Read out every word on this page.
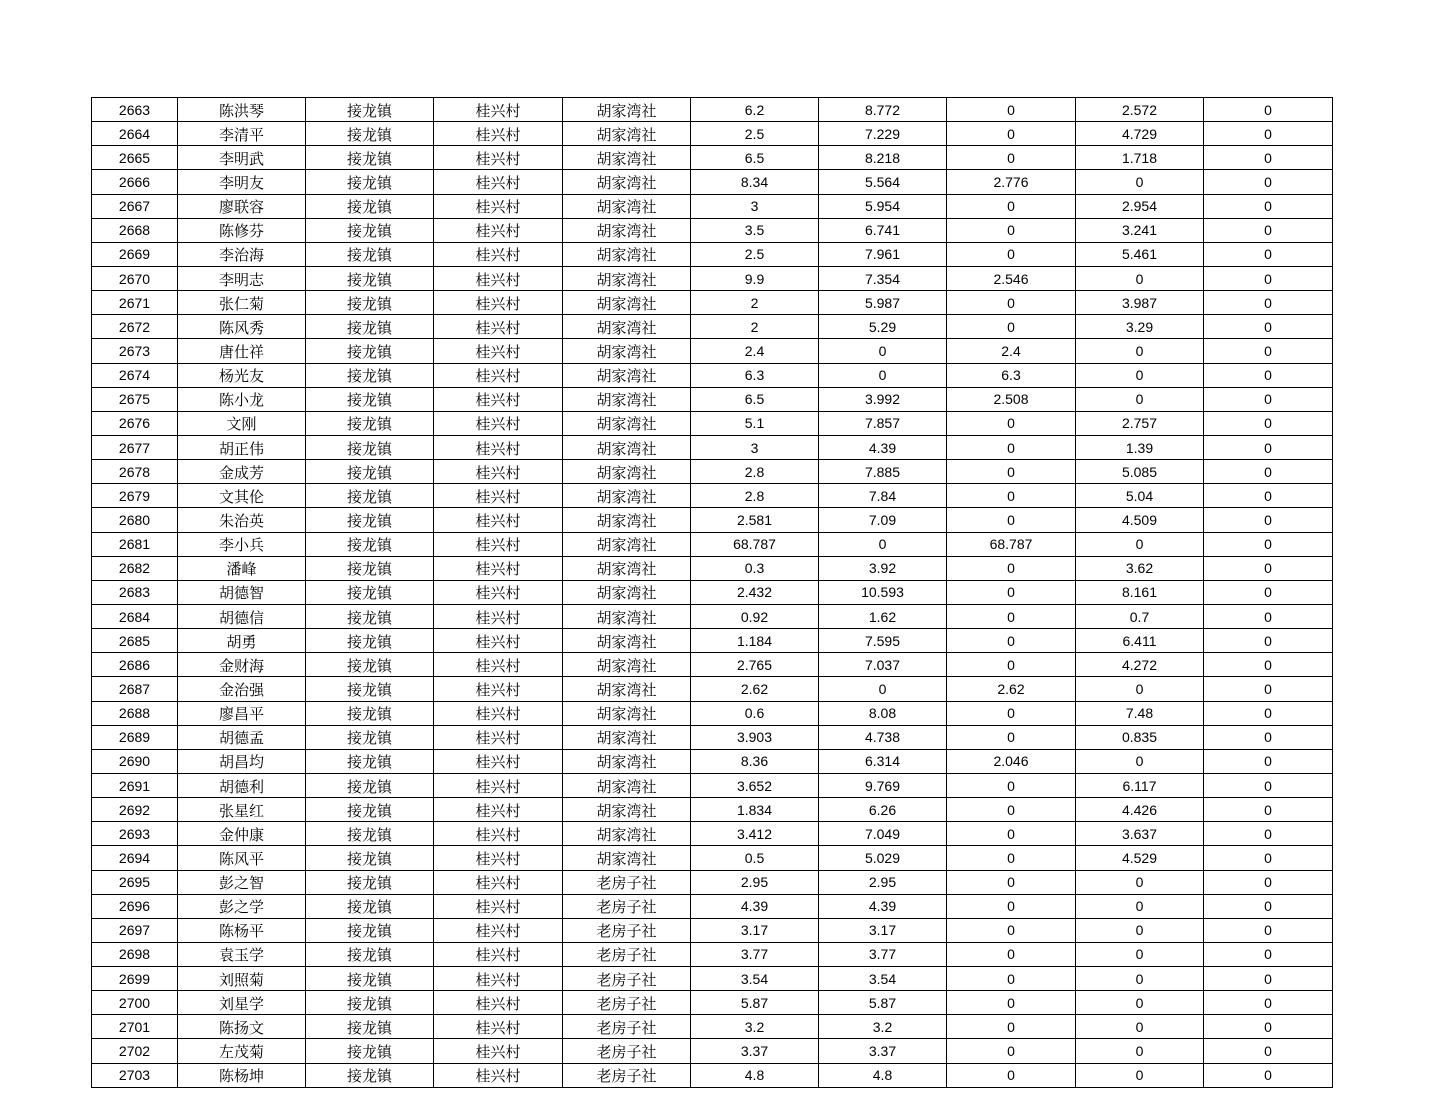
2663	陈洪琴	接龙镇	桂兴村	胡家湾社	6.2	8.772	0	2.572	0
2664	李清平	接龙镇	桂兴村	胡家湾社	2.5	7.229	0	4.729	0
2665	李明武	接龙镇	桂兴村	胡家湾社	6.5	8.218	0	1.718	0
2666	李明友	接龙镇	桂兴村	胡家湾社	8.34	5.564	2.776	0	0
2667	廖联容	接龙镇	桂兴村	胡家湾社	3	5.954	0	2.954	0
2668	陈修芬	接龙镇	桂兴村	胡家湾社	3.5	6.741	0	3.241	0
2669	李治海	接龙镇	桂兴村	胡家湾社	2.5	7.961	0	5.461	0
2670	李明志	接龙镇	桂兴村	胡家湾社	9.9	7.354	2.546	0	0
2671	张仁菊	接龙镇	桂兴村	胡家湾社	2	5.987	0	3.987	0
2672	陈风秀	接龙镇	桂兴村	胡家湾社	2	5.29	0	3.29	0
2673	唐仕祥	接龙镇	桂兴村	胡家湾社	2.4	0	2.4	0	0
2674	杨光友	接龙镇	桂兴村	胡家湾社	6.3	0	6.3	0	0
2675	陈小龙	接龙镇	桂兴村	胡家湾社	6.5	3.992	2.508	0	0
2676	文刚	接龙镇	桂兴村	胡家湾社	5.1	7.857	0	2.757	0
2677	胡正伟	接龙镇	桂兴村	胡家湾社	3	4.39	0	1.39	0
2678	金成芳	接龙镇	桂兴村	胡家湾社	2.8	7.885	0	5.085	0
2679	文其伦	接龙镇	桂兴村	胡家湾社	2.8	7.84	0	5.04	0
2680	朱治英	接龙镇	桂兴村	胡家湾社	2.581	7.09	0	4.509	0
2681	李小兵	接龙镇	桂兴村	胡家湾社	68.787	0	68.787	0	0
2682	潘峰	接龙镇	桂兴村	胡家湾社	0.3	3.92	0	3.62	0
2683	胡德智	接龙镇	桂兴村	胡家湾社	2.432	10.593	0	8.161	0
2684	胡德信	接龙镇	桂兴村	胡家湾社	0.92	1.62	0	0.7	0
2685	胡勇	接龙镇	桂兴村	胡家湾社	1.184	7.595	0	6.411	0
2686	金财海	接龙镇	桂兴村	胡家湾社	2.765	7.037	0	4.272	0
2687	金治强	接龙镇	桂兴村	胡家湾社	2.62	0	2.62	0	0
2688	廖昌平	接龙镇	桂兴村	胡家湾社	0.6	8.08	0	7.48	0
2689	胡德孟	接龙镇	桂兴村	胡家湾社	3.903	4.738	0	0.835	0
2690	胡昌均	接龙镇	桂兴村	胡家湾社	8.36	6.314	2.046	0	0
2691	胡德利	接龙镇	桂兴村	胡家湾社	3.652	9.769	0	6.117	0
2692	张星红	接龙镇	桂兴村	胡家湾社	1.834	6.26	0	4.426	0
2693	金仲康	接龙镇	桂兴村	胡家湾社	3.412	7.049	0	3.637	0
2694	陈风平	接龙镇	桂兴村	胡家湾社	0.5	5.029	0	4.529	0
2695	彭之智	接龙镇	桂兴村	老房子社	2.95	2.95	0	0	0
2696	彭之学	接龙镇	桂兴村	老房子社	4.39	4.39	0	0	0
2697	陈杨平	接龙镇	桂兴村	老房子社	3.17	3.17	0	0	0
2698	袁玉学	接龙镇	桂兴村	老房子社	3.77	3.77	0	0	0
2699	刘照菊	接龙镇	桂兴村	老房子社	3.54	3.54	0	0	0
2700	刘星学	接龙镇	桂兴村	老房子社	5.87	5.87	0	0	0
2701	陈扬文	接龙镇	桂兴村	老房子社	3.2	3.2	0	0	0
2702	左茂菊	接龙镇	桂兴村	老房子社	3.37	3.37	0	0	0
2703	陈杨坤	接龙镇	桂兴村	老房子社	4.8	4.8	0	0	0
